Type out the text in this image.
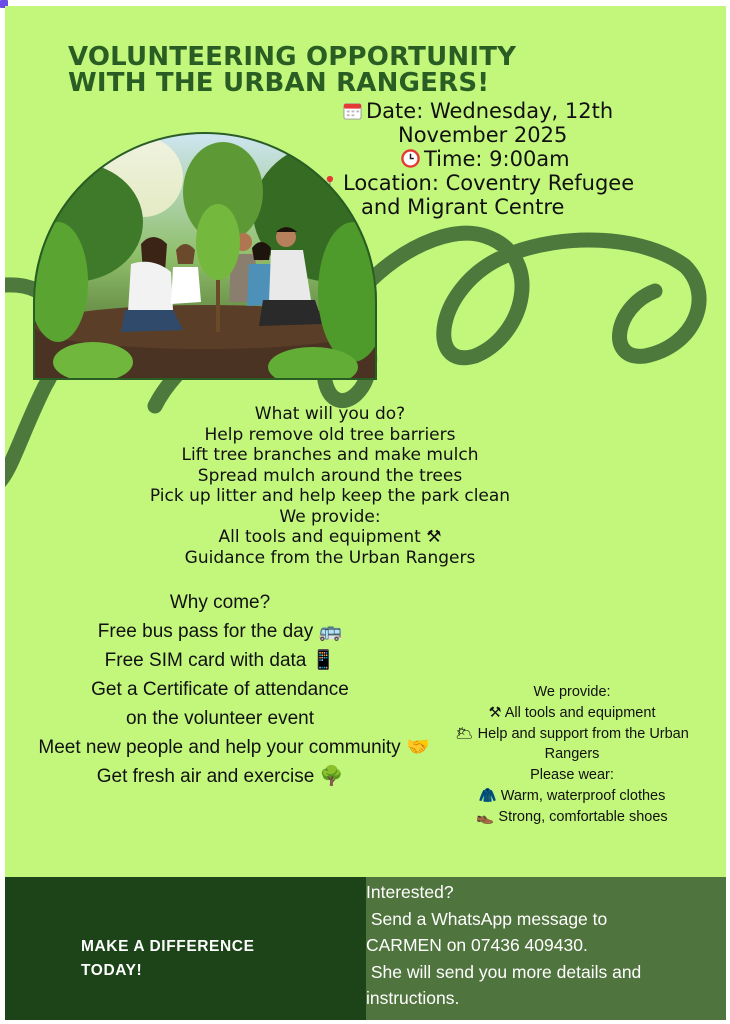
VOLUNTEERING OPPORTUNITY
WITH THE URBAN RANGERS!
Date: Wednesday, 12th
November 2025
Time: 9:00am
Location: Coventry Refugee
and Migrant Centre
What will you do?
Help remove old tree barriers
Lift tree branches and make mulch
Spread mulch around the trees
Pick up litter and help keep the park clean
We provide:
All tools and equipment ⚒
Guidance from the Urban Rangers
Why come?
Free bus pass for the day 🚌
Free SIM card with data 📱
Get a Certificate of attendance
on the volunteer event
Meet new people and help your community 🤝
Get fresh air and exercise 🌳
We provide:
⚒ All tools and equipment
🌥 Help and support from the Urban
Rangers
Please wear:
🧥 Warm, waterproof clothes
👞 Strong, comfortable shoes
MAKE A DIFFERENCE
TODAY!
Interested?
Send a WhatsApp message to
CARMEN on 07436 409430.
She will send you more details and
instructions.
